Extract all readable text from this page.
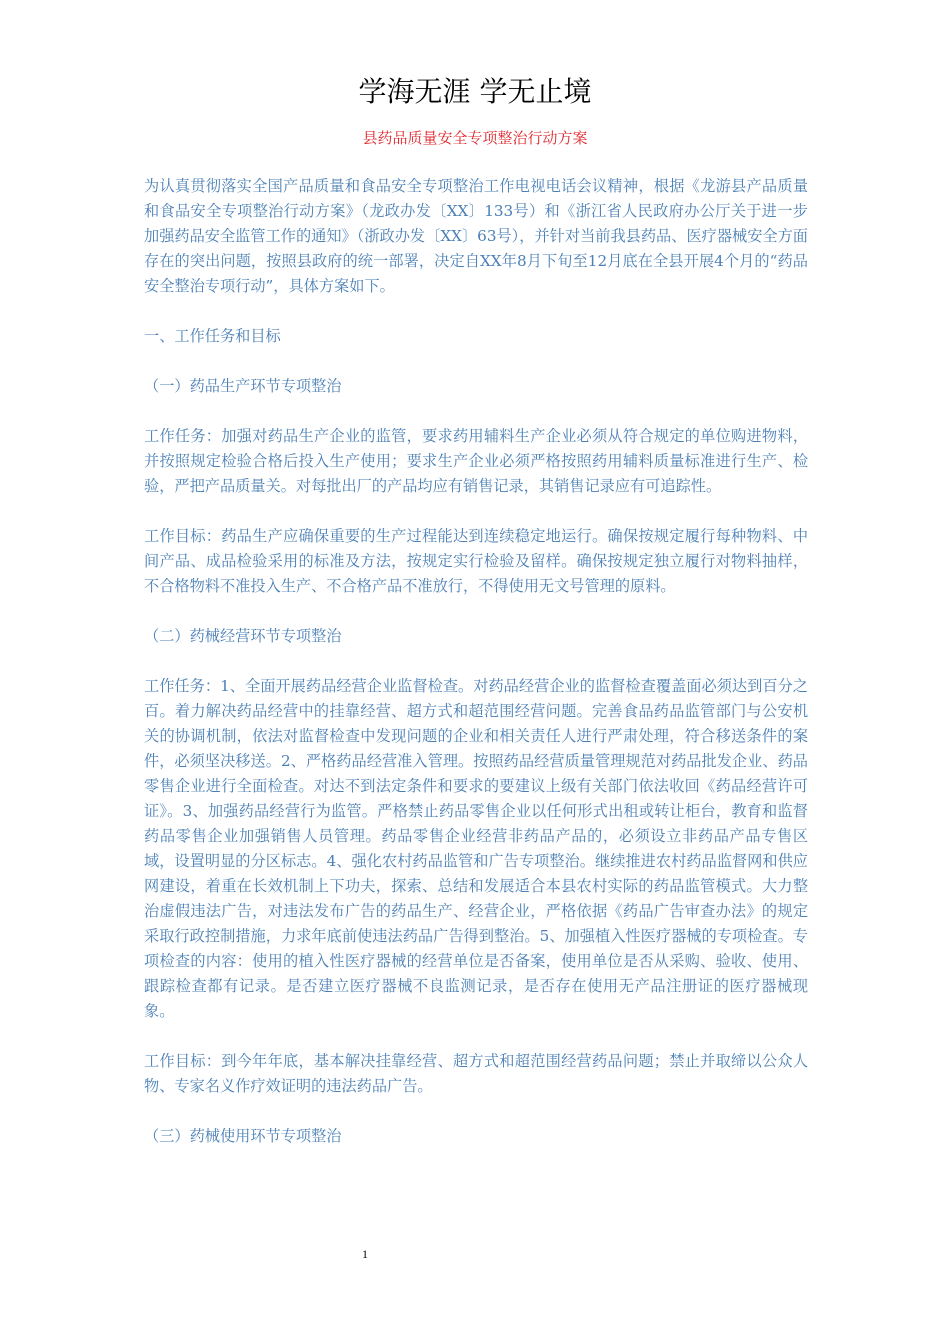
学海无涯 学无止境
县药品质量安全专项整治行动方案

为认真贯彻落实全国产品质量和食品安全专项整治工作电视电话会议精神，根据《龙游县产品质量和食品安全专项整治行动方案》（龙政办发〔XX〕133号）和《浙江省人民政府办公厅关于进一步加强药品安全监管工作的通知》（浙政办发〔XX〕63号），并针对当前我县药品、医疗器械安全方面存在的突出问题，按照县政府的统一部署，决定自XX年8月下旬至12月底在全县开展4个月的“药品安全整治专项行动”，具体方案如下。

一、工作任务和目标

（一）药品生产环节专项整治

工作任务：加强对药品生产企业的监管，要求药用辅料生产企业必须从符合规定的单位购进物料，并按照规定检验合格后投入生产使用；要求生产企业必须严格按照药用辅料质量标准进行生产、检验，严把产品质量关。对每批出厂的产品均应有销售记录，其销售记录应有可追踪性。

工作目标：药品生产应确保重要的生产过程能达到连续稳定地运行。确保按规定履行每种物料、中间产品、成品检验采用的标准及方法，按规定实行检验及留样。确保按规定独立履行对物料抽样，不合格物料不准投入生产、不合格产品不准放行，不得使用无文号管理的原料。

（二）药械经营环节专项整治

工作任务：1、全面开展药品经营企业监督检查。对药品经营企业的监督检查覆盖面必须达到百分之百。着力解决药品经营中的挂靠经营、超方式和超范围经营问题。完善食品药品监管部门与公安机关的协调机制，依法对监督检查中发现问题的企业和相关责任人进行严肃处理，符合移送条件的案件，必须坚决移送。2、严格药品经营准入管理。按照药品经营质量管理规范对药品批发企业、药品零售企业进行全面检查。对达不到法定条件和要求的要建议上级有关部门依法收回《药品经营许可证》。3、加强药品经营行为监管。严格禁止药品零售企业以任何形式出租或转让柜台，教育和监督药品零售企业加强销售人员管理。药品零售企业经营非药品产品的，必须设立非药品产品专售区域，设置明显的分区标志。4、强化农村药品监管和广告专项整治。继续推进农村药品监督网和供应网建设，着重在长效机制上下功夫，探索、总结和发展适合本县农村实际的药品监管模式。大力整治虚假违法广告，对违法发布广告的药品生产、经营企业，严格依据《药品广告审查办法》的规定采取行政控制措施，力求年底前使违法药品广告得到整治。5、加强植入性医疗器械的专项检查。专项检查的内容：使用的植入性医疗器械的经营单位是否备案，使用单位是否从采购、验收、使用、跟踪检查都有记录。是否建立医疗器械不良监测记录，是否存在使用无产品注册证的医疗器械现象。

工作目标：到今年年底，基本解决挂靠经营、超方式和超范围经营药品问题；禁止并取缔以公众人物、专家名义作疗效证明的违法药品广告。

（三）药械使用环节专项整治

1
